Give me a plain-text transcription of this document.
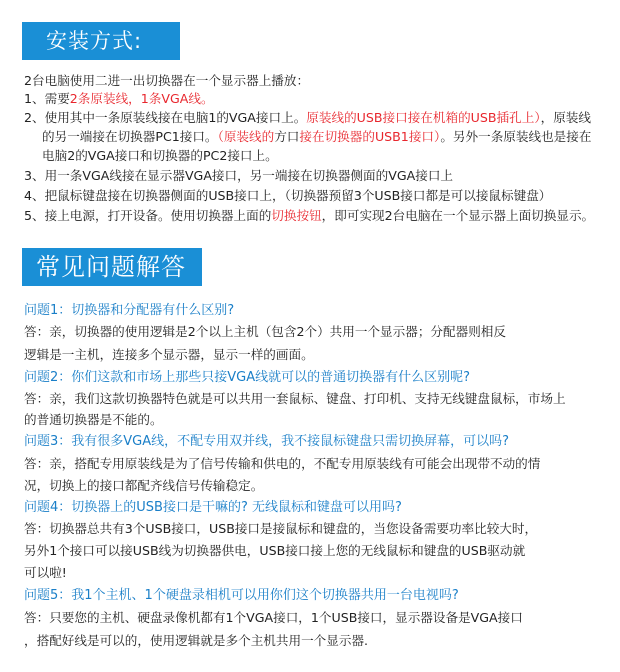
安装方式:
2台电脑使用二进一出切换器在一个显示器上播放：
1、需要2条原装线，1条VGA线。
2、使用其中一条原装线接在电脑1的VGA接口上。原装线的USB接口接在机箱的USB插孔上），原装线
的另一端接在切换器PC1接口。（原装线的方口接在切换器的USB1接口）。另外一条原装线也是接在
电脑2的VGA接口和切换器的PC2接口上。
3、用一条VGA线接在显示器VGA接口，另一端接在切换器侧面的VGA接口上
4、把鼠标键盘接在切换器侧面的USB接口上，（切换器预留3个USB接口都是可以接鼠标键盘）
5、接上电源，打开设备。使用切换器上面的切换按钮，即可实现2台电脑在一个显示器上面切换显示。
常见问题解答
问题1：切换器和分配器有什么区别?
答：亲，切换器的使用逻辑是2个以上主机（包含2个）共用一个显示器；分配器则相反
逻辑是一主机，连接多个显示器，显示一样的画面。
问题2：你们这款和市场上那些只接VGA线就可以的普通切换器有什么区别呢?
答：亲，我们这款切换器特色就是可以共用一套鼠标、键盘、打印机、支持无线键盘鼠标，市场上
的普通切换器是不能的。
问题3：我有很多VGA线，不配专用双并线，我不接鼠标键盘只需切换屏幕，可以吗?
答：亲，搭配专用原装线是为了信号传输和供电的，不配专用原装线有可能会出现带不动的情
况，切换上的接口都配齐线信号传输稳定。
问题4：切换器上的USB接口是干嘛的? 无线鼠标和键盘可以用吗?
答：切换器总共有3个USB接口，USB接口是接鼠标和键盘的，当您设备需要功率比较大时，
另外1个接口可以接USB线为切换器供电，USB接口接上您的无线鼠标和键盘的USB驱动就
可以啦!
问题5：我1个主机、1个硬盘录相机可以用你们这个切换器共用一台电视吗?
答：只要您的主机、硬盘录像机都有1个VGA接口，1个USB接口，显示器设备是VGA接口
，搭配好线是可以的，使用逻辑就是多个主机共用一个显示器.
